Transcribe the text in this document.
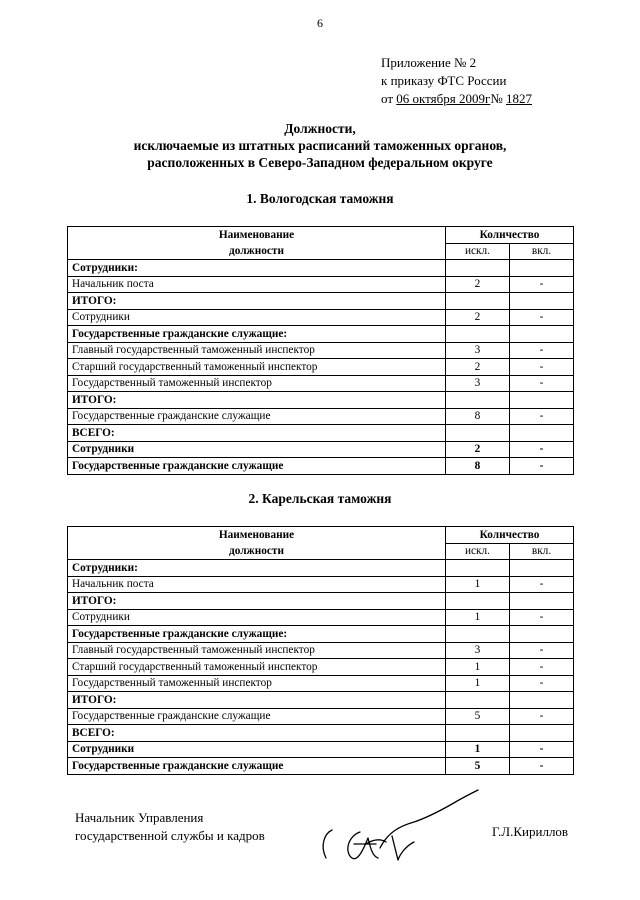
6
Приложение № 2
к приказу ФТС России
от 06 октября 2009г№ 1827
Должности,
исключаемые из штатных расписаний таможенных органов,
расположенных в Северо-Западном федеральном округе
1. Вологодская таможня
Наименование	Количество	
должности	искл.	вкл.
Сотрудники:		
Начальник поста	2	-
ИТОГО:		
Сотрудники	2	-
Государственные гражданские служащие:		
Главный государственный таможенный инспектор	3	-
Старший государственный таможенный инспектор	2	-
Государственный таможенный инспектор	3	-
ИТОГО:		
Государственные гражданские служащие	8	-
ВСЕГО:		
Сотрудники	2	-
Государственные гражданские служащие	8	-
2. Карельская таможня
Наименование	Количество	
должности	искл.	вкл.
Сотрудники:		
Начальник поста	1	-
ИТОГО:		
Сотрудники	1	-
Государственные гражданские служащие:		
Главный государственный таможенный инспектор	3	-
Старший государственный таможенный инспектор	1	-
Государственный таможенный инспектор	1	-
ИТОГО:		
Государственные гражданские служащие	5	-
ВСЕГО:		
Сотрудники	1	-
Государственные гражданские служащие	5	-
Начальник Управления
государственной службы и кадров	Г.Л.Кириллов
